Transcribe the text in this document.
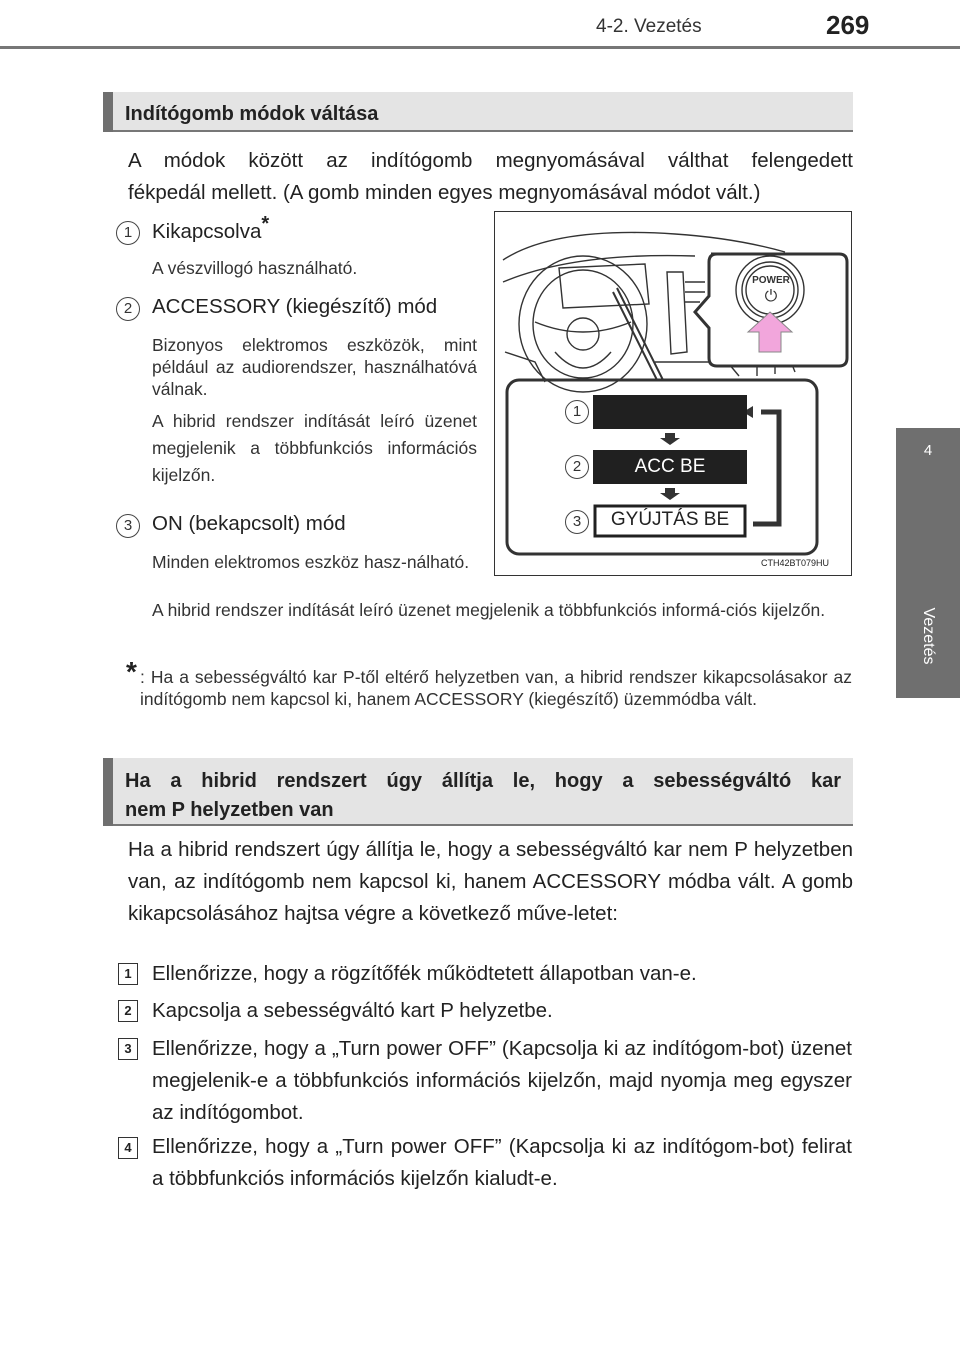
4-2. Vezetés	269
4
Vezetés
Indítógomb módok váltása
A módok között az indítógomb megnyomásával válthat felengedett
fékpedál mellett. (A gomb minden egyes megnyomásával módot vált.)
1 Kikapcsolva*
A vészvillogó használható.
2 ACCESSORY (kiegészítő) mód
Bizonyos elektromos eszközök, mint például az audiorendszer, használhatóvá válnak.
A hibrid rendszer indítását leíró üzenet megjelenik a többfunkciós információs kijelzőn.
3 ON (bekapcsolt) mód
Minden elektromos eszköz hasz-nálható.
A hibrid rendszer indítását leíró üzenet megjelenik a többfunkciós informá-ciós kijelzőn.
* : Ha a sebességváltó kar P-től eltérő helyzetben van, a hibrid rendszer kikapcsolásakor az indítógomb nem kapcsol ki, hanem ACCESSORY (kiegészítő) üzemmódba vált.
POWER
⏻
1
2	ACC BE
3	GYÚJTÁS BE
CTH42BT079HU
Ha a hibrid rendszert úgy állítja le, hogy a sebességváltó kar
nem P helyzetben van
Ha a hibrid rendszert úgy állítja le, hogy a sebességváltó kar nem P helyzetben van, az indítógomb nem kapcsol ki, hanem ACCESSORY módba vált. A gomb kikapcsolásához hajtsa végre a következő műve-letet:
1 Ellenőrizze, hogy a rögzítőfék működtetett állapotban van-e.
2 Kapcsolja a sebességváltó kart P helyzetbe.
3 Ellenőrizze, hogy a „Turn power OFF” (Kapcsolja ki az indítógom-bot) üzenet megjelenik-e a többfunkciós információs kijelzőn, majd nyomja meg egyszer az indítógombot.
4 Ellenőrizze, hogy a „Turn power OFF” (Kapcsolja ki az indítógom-bot) felirat a többfunkciós információs kijelzőn kialudt-e.
